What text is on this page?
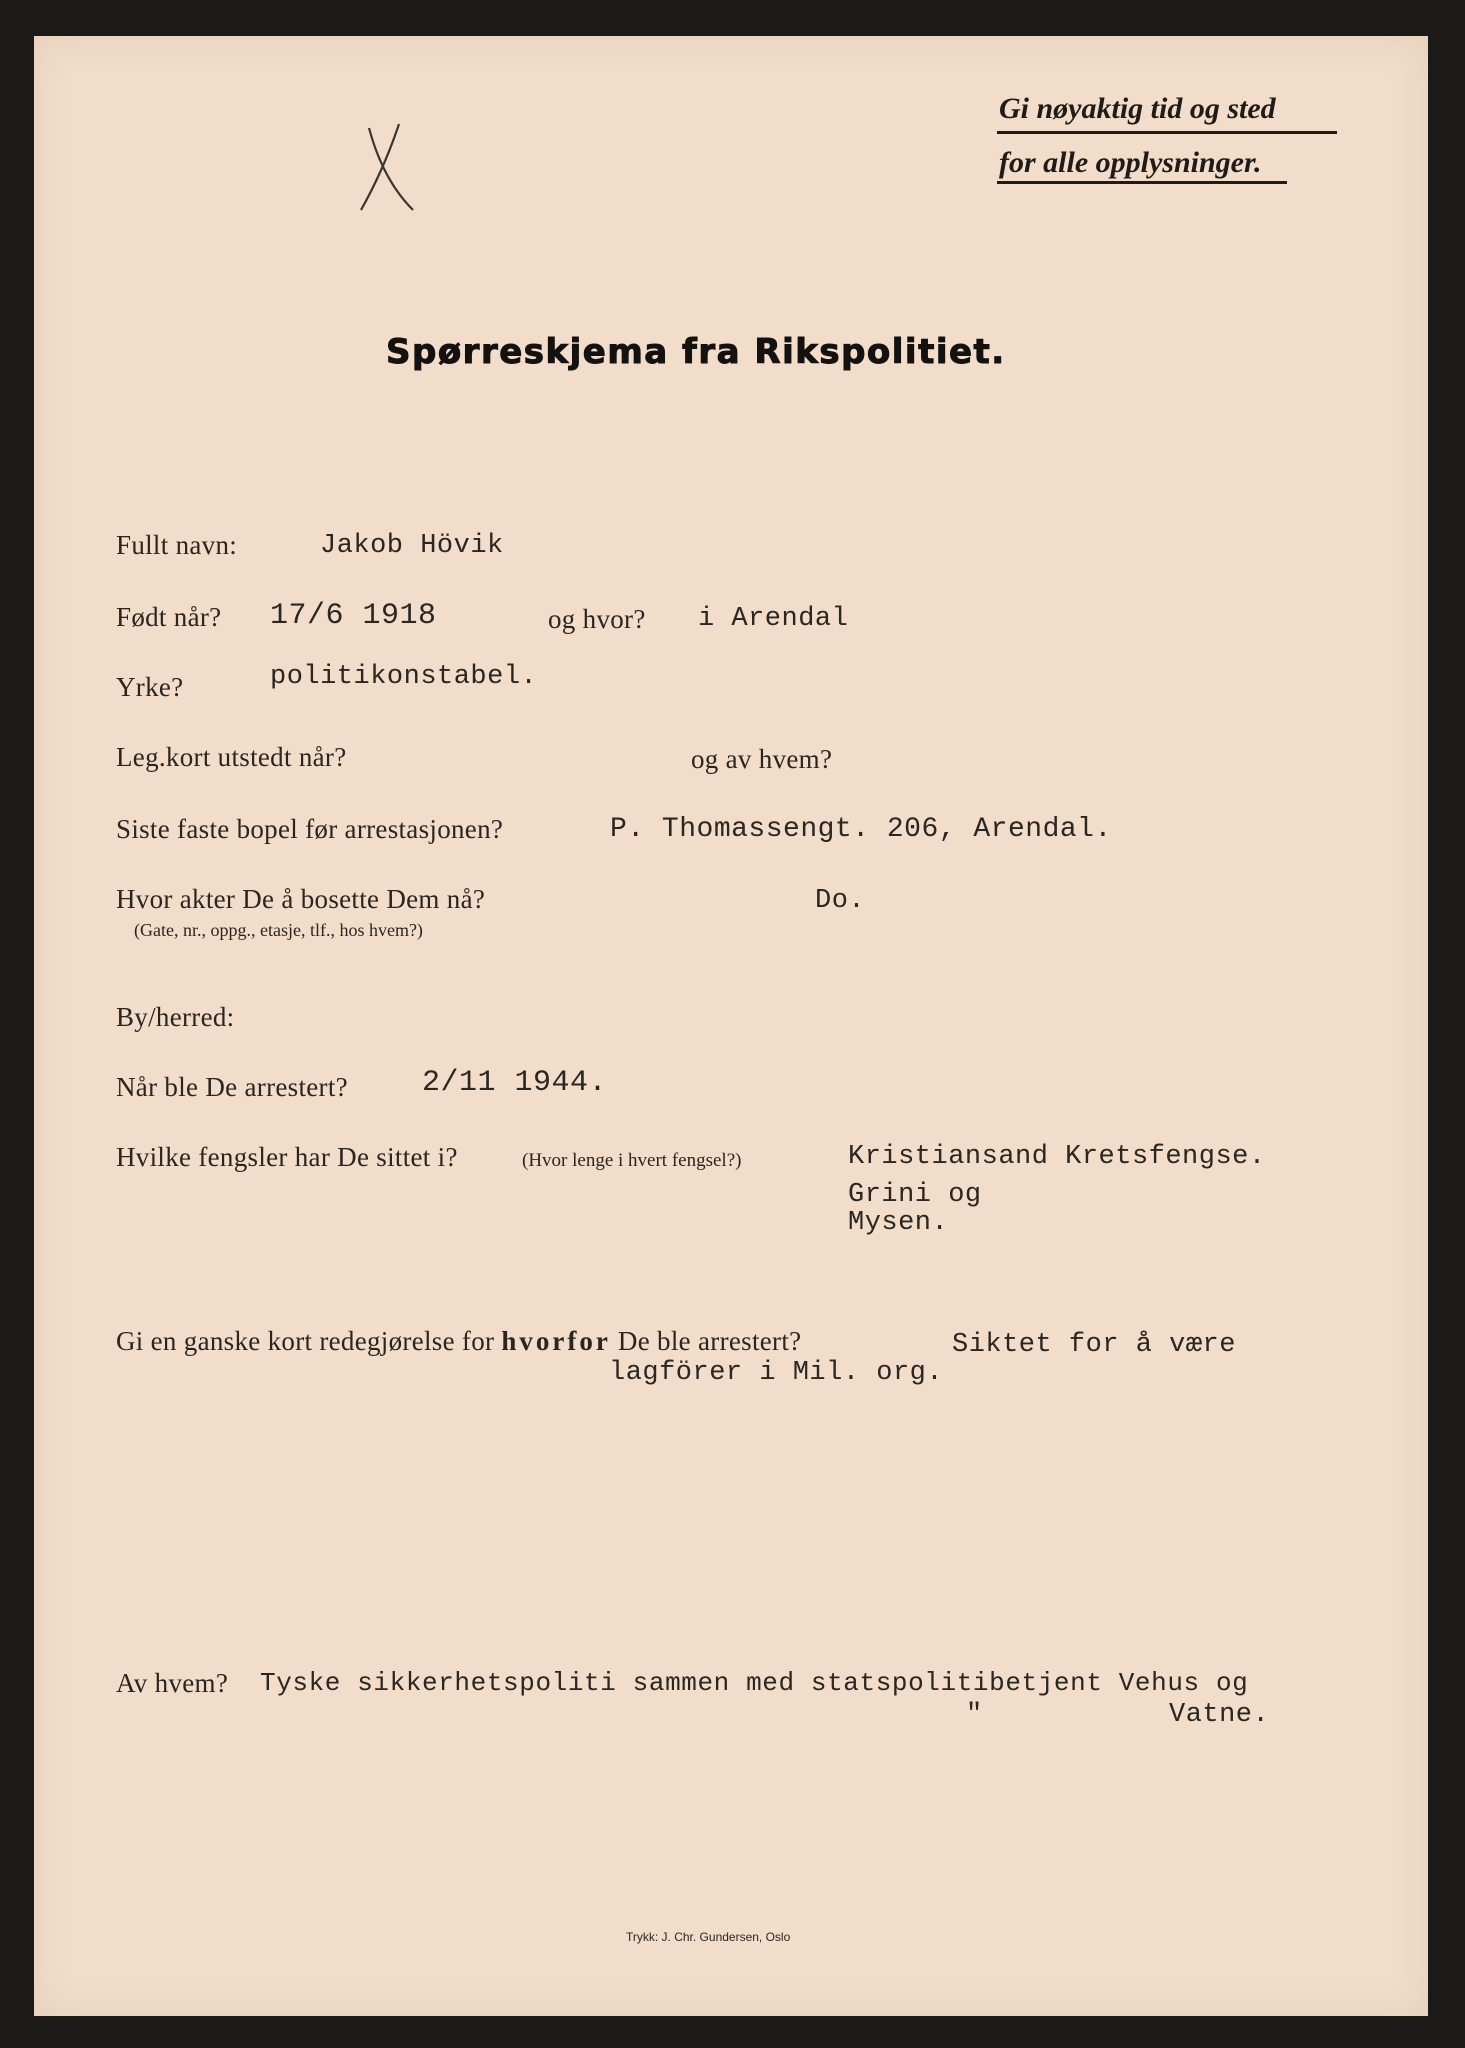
Gi nøyaktig tid og sted
for alle opplysninger.
Spørreskjema fra Rikspolitiet.
Fullt navn:	Jakob Hövik
Født når? 17/6 1918	og hvor? i Arendal
Yrke?	politikonstabel.
Leg.kort utstedt når?	og av hvem?
Siste faste bopel før arrestasjonen?	P. Thomassengt. 206, Arendal.
Hvor akter De å bosette Dem nå?
(Gate, nr., oppg., etasje, tlf., hos hvem?)
Do.
By/herred:
Når ble De arrestert? 2/11 1944.
Hvilke fengsler har De sittet i?	(Hvor lenge i hvert fengsel?)	Kristiansand Kretsfengse.
Grini og
Mysen.
Gi en ganske kort redegjørelse for hvorfor De ble arrestert?	Siktet for å være
lagförer i Mil. org.
Av hvem? Tyske sikkerhetspoliti sammen med statspolitibetjent Vehus og
"	Vatne.
Trykk: J. Chr. Gundersen, Oslo
